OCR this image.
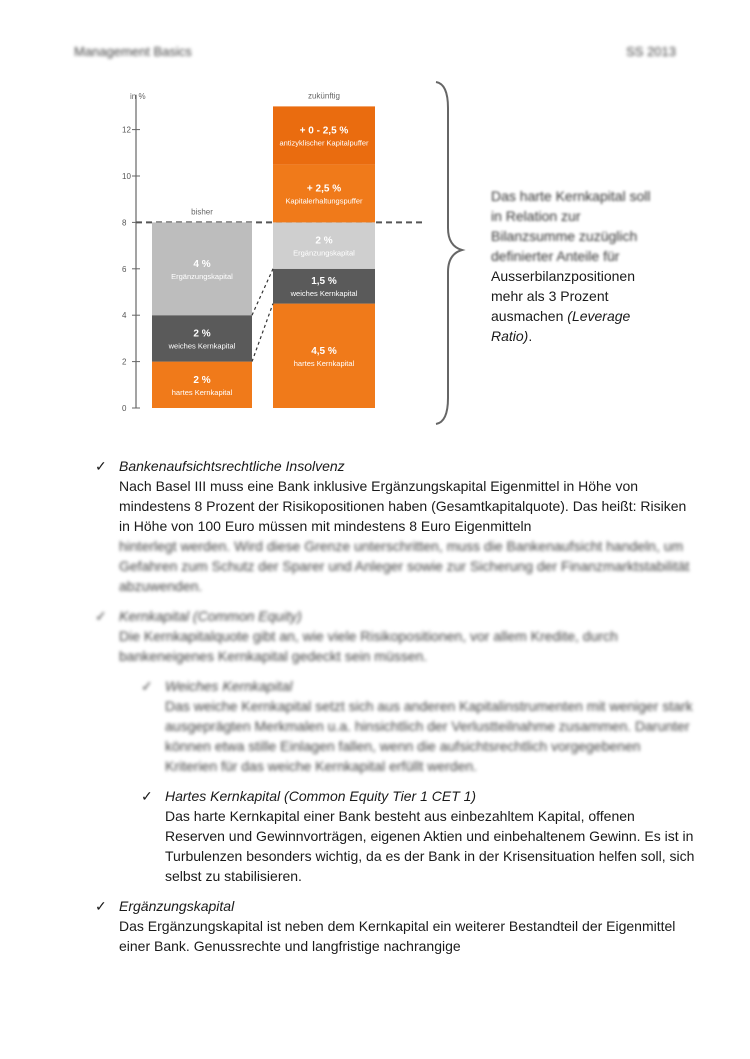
Management Basics	SS 2013
in %
0
2
4
6
8
10
12
2 %
hartes Kernkapital
2 %
weiches Kernkapital
4 %
Ergänzungskapital
bisher
4,5 %
hartes Kernkapital
1,5 %
weiches Kernkapital
2 %
Ergänzungskapital
+ 2,5 %
Kapitalerhaltungspuffer
+ 0 - 2,5 %
antizyklischer Kapitalpuffer
zukünftig
Das harte Kernkapital soll in Relation zur Bilanzsumme zuzüglich definierter Anteile für Ausserbilanzpositionen mehr als 3 Prozent ausmachen (Leverage Ratio).
✓ Bankenaufsichtsrechtliche Insolvenz
Nach Basel III muss eine Bank inklusive Ergänzungskapital Eigenmittel in Höhe von mindestens 8 Prozent der Risikopositionen haben (Gesamtkapitalquote). Das heißt: Risiken in Höhe von 100 Euro müssen mit mindestens 8 Euro Eigenmitteln
hinterlegt werden. Wird diese Grenze unterschritten, muss die Bankenaufsicht handeln, um Gefahren zum Schutz der Sparer und Anleger sowie zur Sicherung der Finanzmarktstabilität abzuwenden.
✓ Kernkapital (Common Equity)
Die Kernkapitalquote gibt an, wie viele Risikopositionen, vor allem Kredite, durch bankeneigenes Kernkapital gedeckt sein müssen.
✓ Weiches Kernkapital
Das weiche Kernkapital setzt sich aus anderen Kapitalinstrumenten mit weniger stark ausgeprägten Merkmalen u.a. hinsichtlich der Verlustteilnahme zusammen. Darunter können etwa stille Einlagen fallen, wenn die aufsichtsrechtlich vorgegebenen Kriterien für das weiche Kernkapital erfüllt werden.
✓ Hartes Kernkapital (Common Equity Tier 1 CET 1)
Das harte Kernkapital einer Bank besteht aus einbezahltem Kapital, offenen Reserven und Gewinnvorträgen, eigenen Aktien und einbehaltenem Gewinn. Es ist in Turbulenzen besonders wichtig, da es der Bank in der Krisensituation helfen soll, sich selbst zu stabilisieren.
✓ Ergänzungskapital
Das Ergänzungskapital ist neben dem Kernkapital ein weiterer Bestandteil der Eigenmittel einer Bank. Genussrechte und langfristige nachrangige
